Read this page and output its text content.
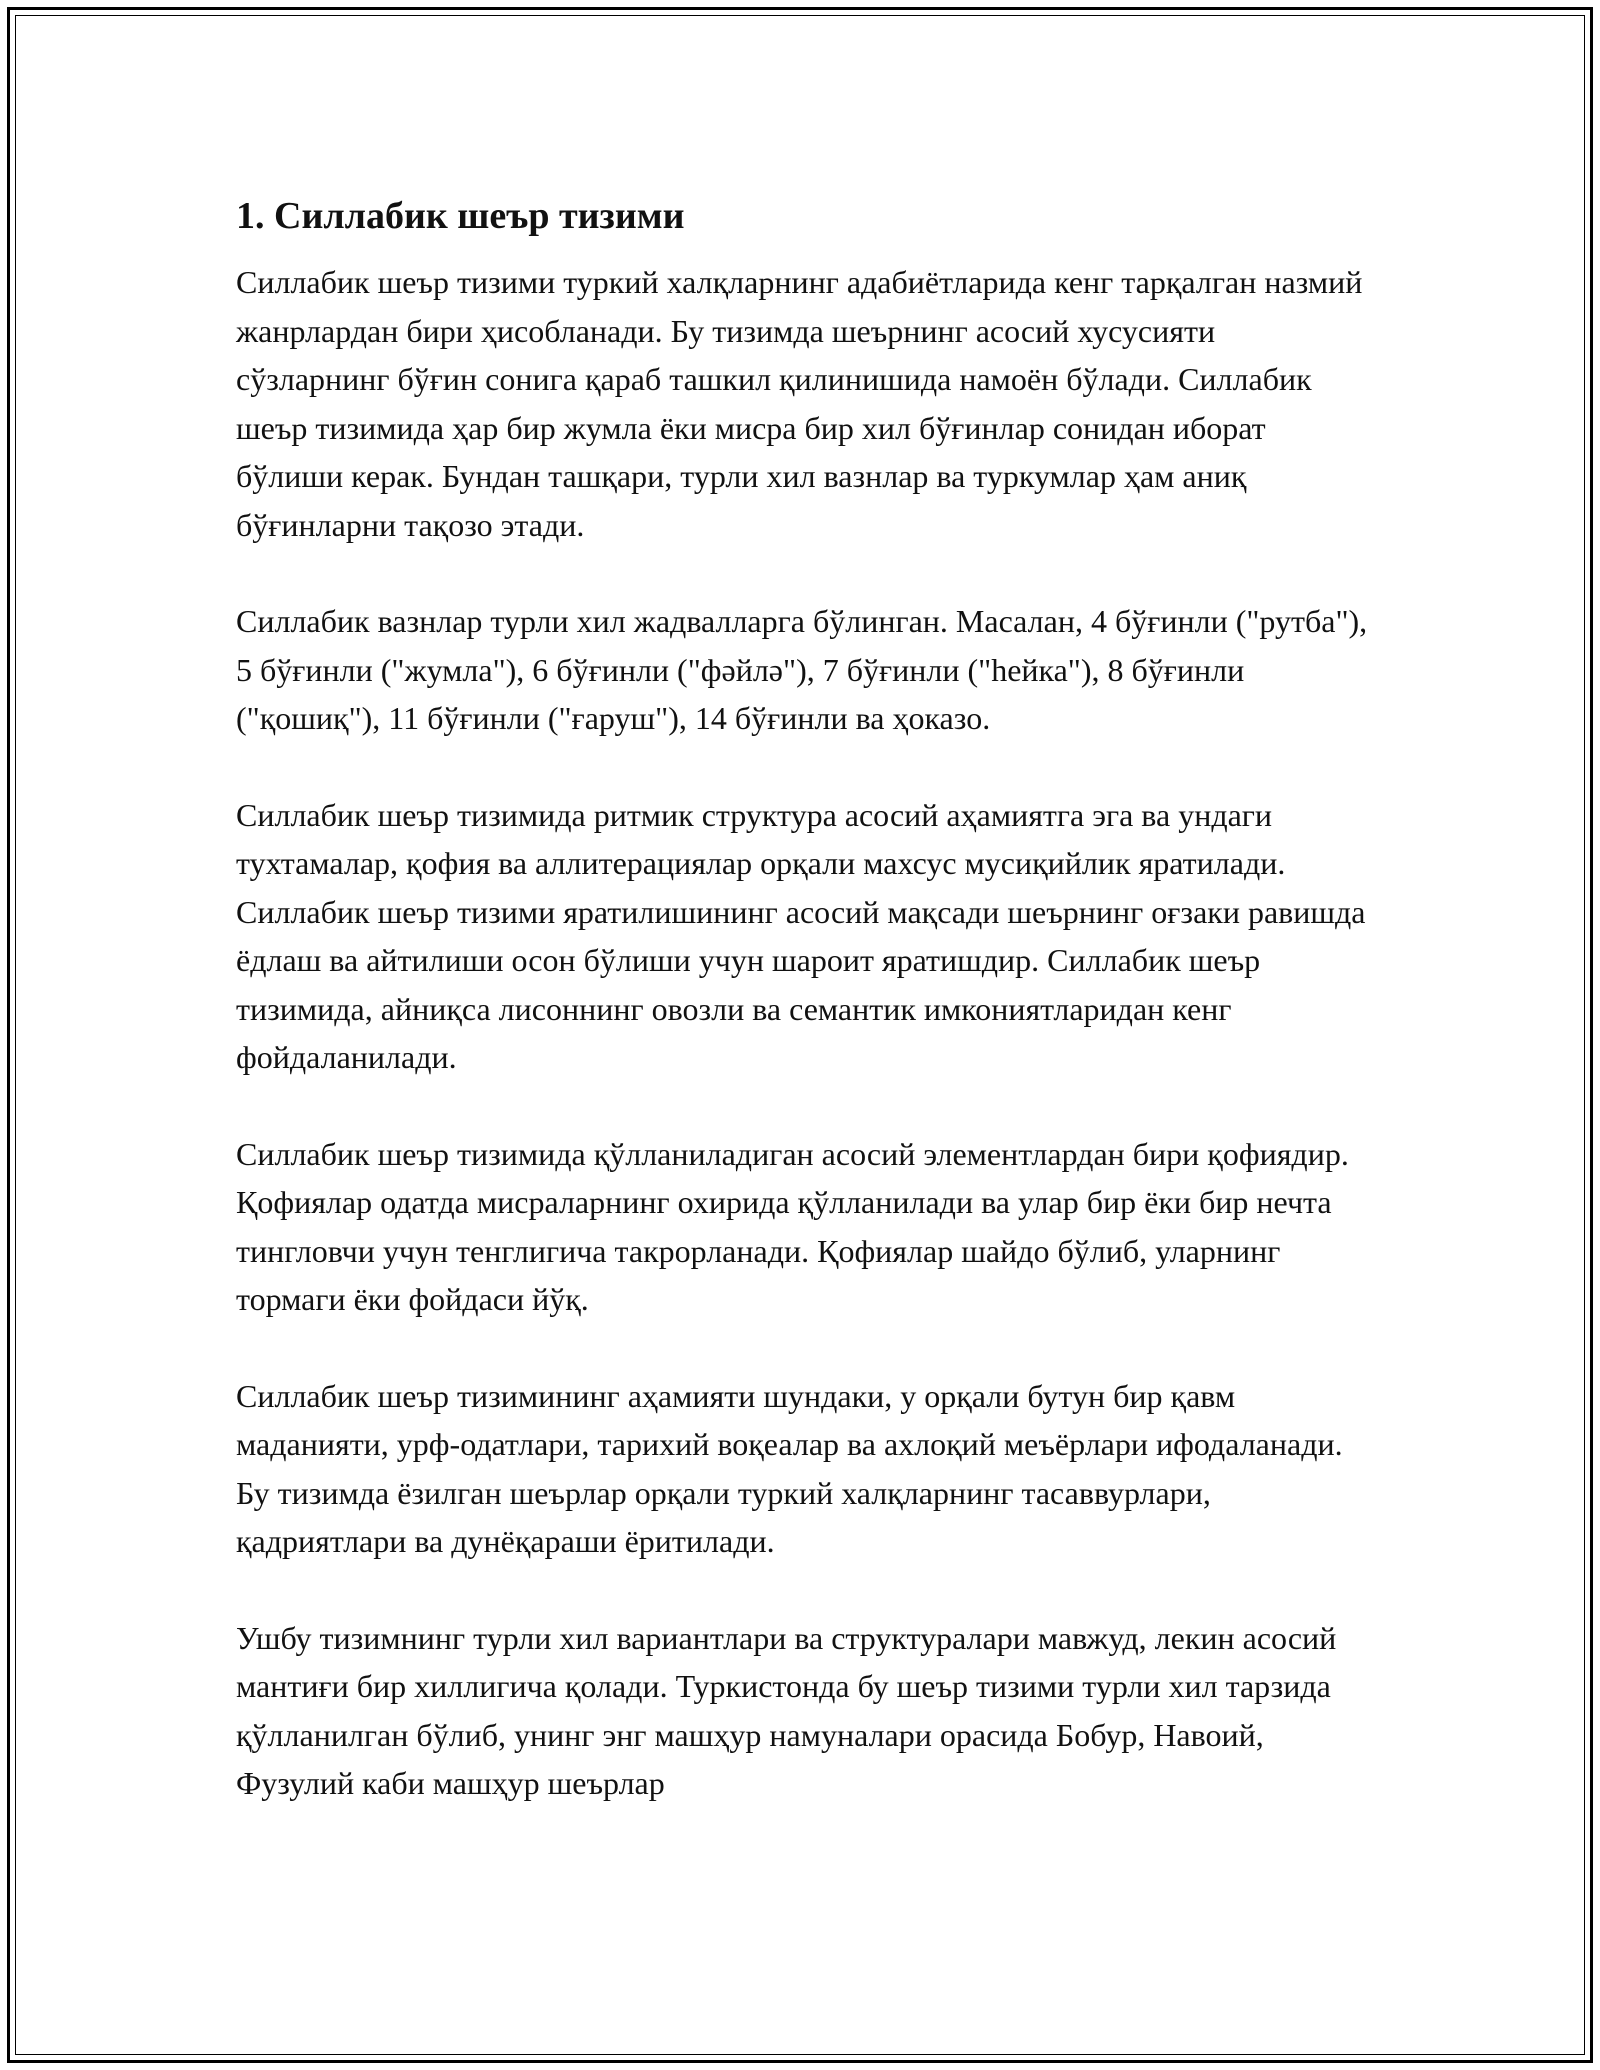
1. Силлабик шеър тизими

Силлабик шеър тизими туркий халқларнинг адабиётларида кенг тарқалган назмий жанрлардан бири ҳисобланади. Бу тизимда шеърнинг асосий хусусияти сўзларнинг бўғин сонига қараб ташкил қилинишида намоён бўлади. Силлабик шеър тизимида ҳар бир жумла ёки мисра бир хил бўғинлар сонидан иборат бўлиши керак. Бундан ташқари, турли хил вазнлар ва туркумлар ҳам аниқ бўғинларни тақозо этади.

Силлабик вазнлар турли хил жадвалларга бўлинган. Масалан, 4 бўғинли ("рутба"), 5 бўғинли ("жумла"), 6 бўғинли ("фәйлә"), 7 бўғинли ("һейка"), 8 бўғинли ("қошиқ"), 11 бўғинли ("ғаруш"), 14 бўғинли ва ҳоказо.

Силлабик шеър тизимида ритмик структура асосий аҳамиятга эга ва ундаги тухтамалар, қофия ва аллитерациялар орқали махсус мусиқийлик яратилади. Силлабик шеър тизими яратилишининг асосий мақсади шеърнинг оғзаки равишда ёдлаш ва айтилиши осон бўлиши учун шароит яратишдир. Силлабик шеър тизимида, айниқса лисоннинг овозли ва семантик имкониятларидан кенг фойдаланилади.

Силлабик шеър тизимида қўлланиладиган асосий элементлардан бири қофиядир. Қофиялар одатда мисраларнинг охирида қўлланилади ва улар бир ёки бир нечта тингловчи учун тенглигича такрорланади. Қофиялар шайдо бўлиб, уларнинг тормаги ёки фойдаси йўқ.

Силлабик шеър тизимининг аҳамияти шундаки, у орқали бутун бир қавм маданияти, урф-одатлари, тарихий воқеалар ва ахлоқий меъёрлари ифодаланади. Бу тизимда ёзилган шеърлар орқали туркий халқларнинг тасаввурлари, қадриятлари ва дунёқараши ёритилади.

Ушбу тизимнинг турли хил вариантлари ва структуралари мавжуд, лекин асосий мантиғи бир хиллигича қолади. Туркистонда бу шеър тизими турли хил тарзида қўлланилган бўлиб, унинг энг машҳур намуналари орасида Бобур, Навоий, Фузулий каби машҳур шеърлар
